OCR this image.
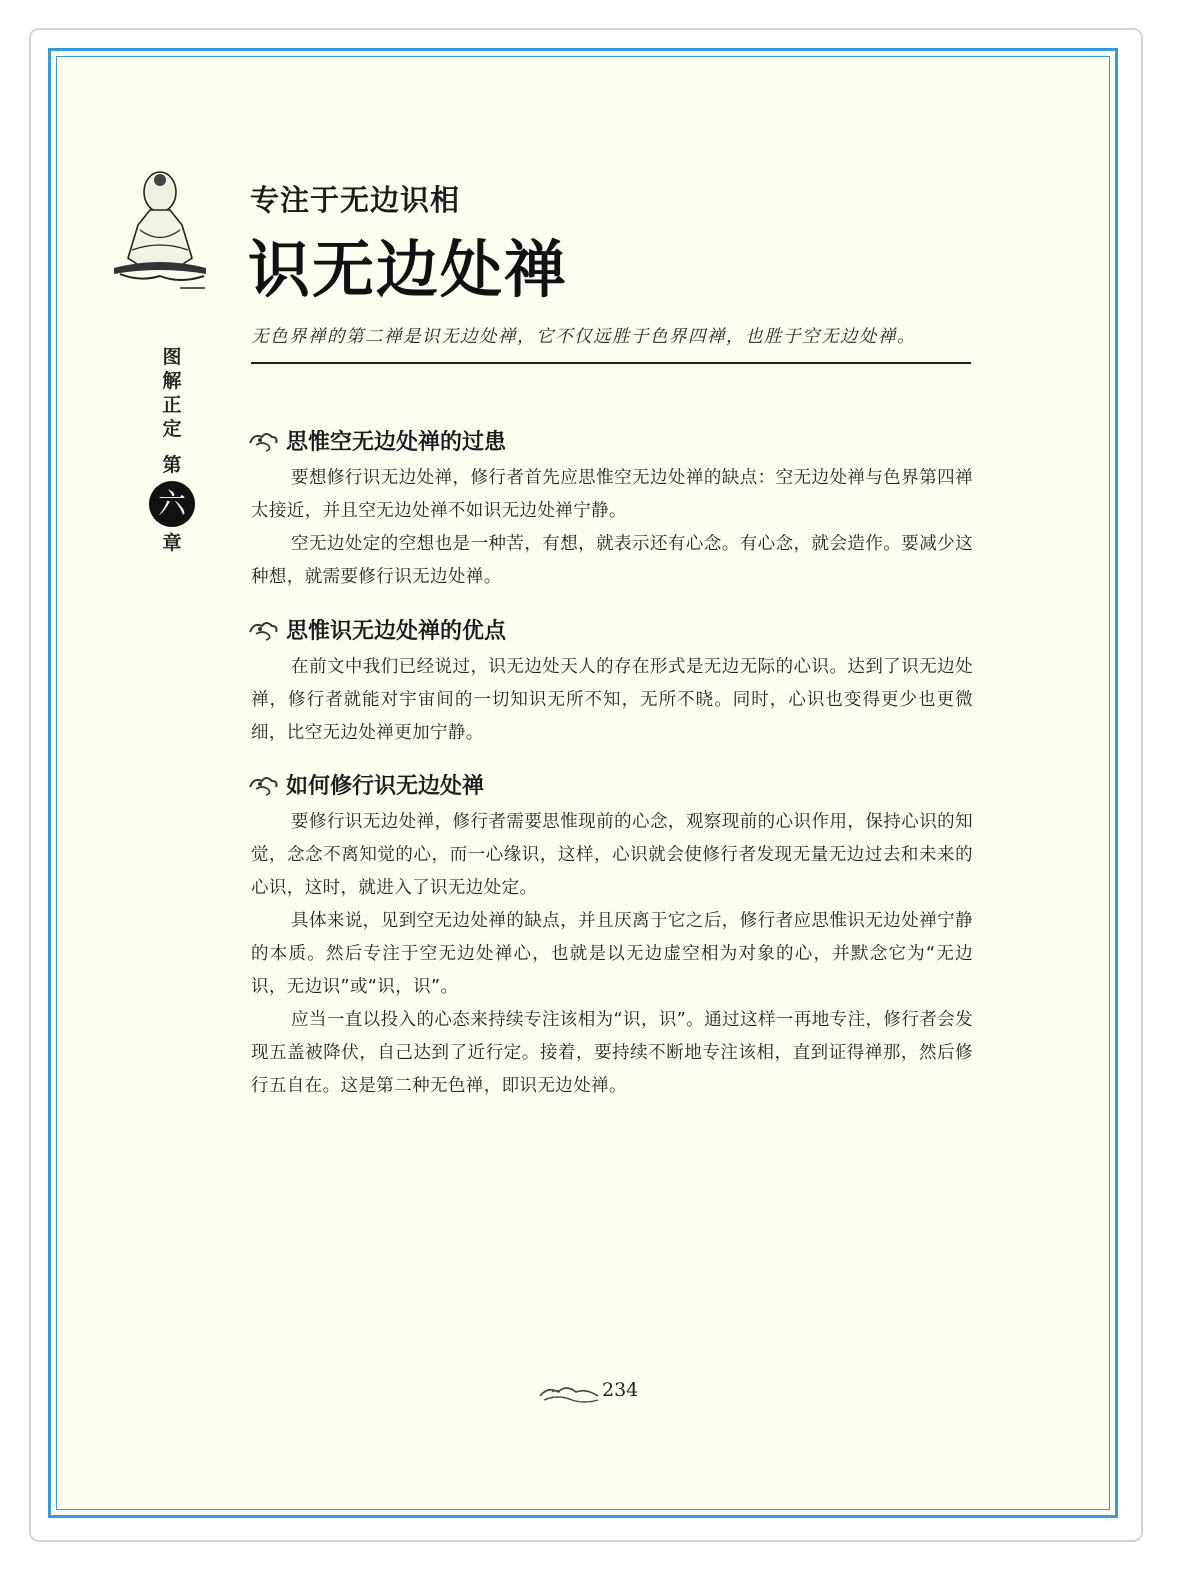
专注于无边识相
识无边处禅
无色界禅的第二禅是识无边处禅，它不仅远胜于色界四禅，也胜于空无边处禅。
图
解
正
定
第
六
章
思惟空无边处禅的过患

要想修行识无边处禅，修行者首先应思惟空无边处禅的缺点：空无边处禅与色界第四禅太接近，并且空无边处禅不如识无边处禅宁静。

空无边处定的空想也是一种苦，有想，就表示还有心念。有心念，就会造作。要减少这种想，就需要修行识无边处禅。

思惟识无边处禅的优点

在前文中我们已经说过，识无边处天人的存在形式是无边无际的心识。达到了识无边处禅，修行者就能对宇宙间的一切知识无所不知，无所不晓。同时，心识也变得更少也更微细，比空无边处禅更加宁静。

如何修行识无边处禅

要修行识无边处禅，修行者需要思惟现前的心念，观察现前的心识作用，保持心识的知觉，念念不离知觉的心，而一心缘识，这样，心识就会使修行者发现无量无边过去和未来的心识，这时，就进入了识无边处定。

具体来说，见到空无边处禅的缺点，并且厌离于它之后，修行者应思惟识无边处禅宁静的本质。然后专注于空无边处禅心，也就是以无边虚空相为对象的心，并默念它为“无边识，无边识”或“识，识”。

应当一直以投入的心态来持续专注该相为“识，识”。通过这样一再地专注，修行者会发现五盖被降伏，自己达到了近行定。接着，要持续不断地专注该相，直到证得禅那，然后修行五自在。这是第二种无色禅，即识无边处禅。

234
